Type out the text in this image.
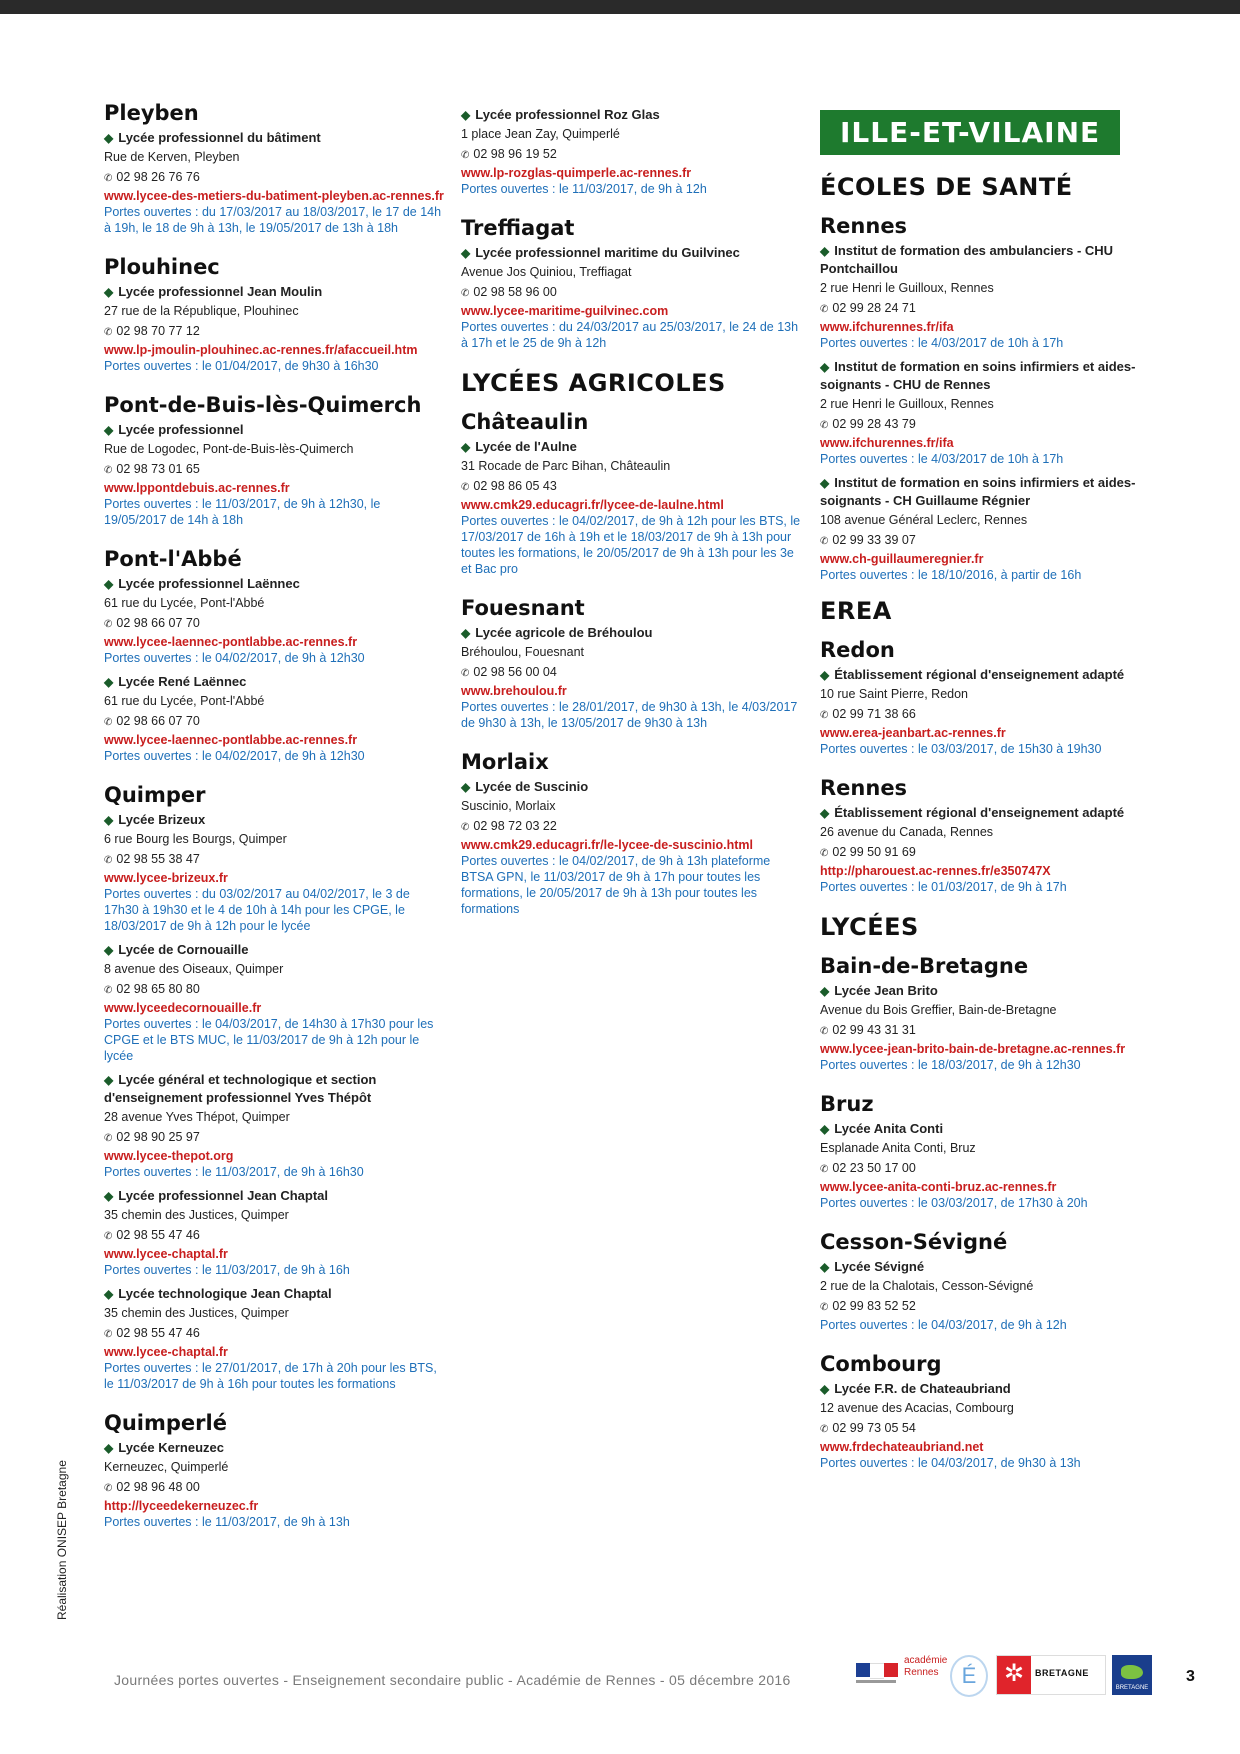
Pleyben
◆ Lycée professionnel du bâtiment
Rue de Kerven, Pleyben
✆ 02 98 26 76 76
www.lycee-des-metiers-du-batiment-pleyben.ac-rennes.fr
Portes ouvertes : du 17/03/2017 au 18/03/2017, le 17 de 14h à 19h, le 18 de 9h à 13h, le 19/05/2017 de 13h à 18h
Plouhinec
◆ Lycée professionnel Jean Moulin
27 rue de la République, Plouhinec
✆ 02 98 70 77 12
www.lp-jmoulin-plouhinec.ac-rennes.fr/afaccueil.htm
Portes ouvertes : le 01/04/2017, de 9h30 à 16h30
Pont-de-Buis-lès-Quimerch
◆ Lycée professionnel
Rue de Logodec, Pont-de-Buis-lès-Quimerch
✆ 02 98 73 01 65
www.lppontdebuis.ac-rennes.fr
Portes ouvertes : le 11/03/2017, de 9h à 12h30, le 19/05/2017 de 14h à 18h
Pont-l'Abbé
◆ Lycée professionnel Laënnec
61 rue du Lycée, Pont-l'Abbé
✆ 02 98 66 07 70
www.lycee-laennec-pontlabbe.ac-rennes.fr
Portes ouvertes : le 04/02/2017, de 9h à 12h30
◆ Lycée René Laënnec
61 rue du Lycée, Pont-l'Abbé
✆ 02 98 66 07 70
www.lycee-laennec-pontlabbe.ac-rennes.fr
Portes ouvertes : le 04/02/2017, de 9h à 12h30
Quimper
◆ Lycée Brizeux
6 rue Bourg les Bourgs, Quimper
✆ 02 98 55 38 47
www.lycee-brizeux.fr
Portes ouvertes : du 03/02/2017 au 04/02/2017, le 3 de 17h30 à 19h30 et le 4 de 10h à 14h pour les CPGE, le 18/03/2017 de 9h à 12h pour le lycée
◆ Lycée de Cornouaille
8 avenue des Oiseaux, Quimper
✆ 02 98 65 80 80
www.lyceedecornouaille.fr
Portes ouvertes : le 04/03/2017, de 14h30 à 17h30 pour les CPGE et le BTS MUC, le 11/03/2017 de 9h à 12h pour le lycée
◆ Lycée général et technologique et section d'enseignement professionnel Yves Thépôt
28 avenue Yves Thépot, Quimper
✆ 02 98 90 25 97
www.lycee-thepot.org
Portes ouvertes : le 11/03/2017, de 9h à 16h30
◆ Lycée professionnel Jean Chaptal
35 chemin des Justices, Quimper
✆ 02 98 55 47 46
www.lycee-chaptal.fr
Portes ouvertes : le 11/03/2017, de 9h à 16h
◆ Lycée technologique Jean Chaptal
35 chemin des Justices, Quimper
✆ 02 98 55 47 46
www.lycee-chaptal.fr
Portes ouvertes : le 27/01/2017, de 17h à 20h pour les BTS, le 11/03/2017 de 9h à 16h pour toutes les formations
Quimperlé
◆ Lycée Kerneuzec
Kerneuzec, Quimperlé
✆ 02 98 96 48 00
http://lyceedekerneuzec.fr
Portes ouvertes : le 11/03/2017, de 9h à 13h
◆ Lycée professionnel Roz Glas
1 place Jean Zay, Quimperlé
✆ 02 98 96 19 52
www.lp-rozglas-quimperle.ac-rennes.fr
Portes ouvertes : le 11/03/2017, de 9h à 12h
Treffiagat
◆ Lycée professionnel maritime du Guilvinec
Avenue Jos Quiniou, Treffiagat
✆ 02 98 58 96 00
www.lycee-maritime-guilvinec.com
Portes ouvertes : du 24/03/2017 au 25/03/2017, le 24 de 13h à 17h et le 25 de 9h à 12h
LYCÉES AGRICOLES
Châteaulin
◆ Lycée de l'Aulne
31 Rocade de Parc Bihan, Châteaulin
✆ 02 98 86 05 43
www.cmk29.educagri.fr/lycee-de-laulne.html
Portes ouvertes : le 04/02/2017, de 9h à 12h pour les BTS, le 17/03/2017 de 16h à 19h et le 18/03/2017 de 9h à 13h pour toutes les formations, le 20/05/2017 de 9h à 13h pour les 3e et Bac pro
Fouesnant
◆ Lycée agricole de Bréhoulou
Bréhoulou, Fouesnant
✆ 02 98 56 00 04
www.brehoulou.fr
Portes ouvertes : le 28/01/2017, de 9h30 à 13h, le 4/03/2017 de 9h30 à 13h, le 13/05/2017 de 9h30 à 13h
Morlaix
◆ Lycée de Suscinio
Suscinio, Morlaix
✆ 02 98 72 03 22
www.cmk29.educagri.fr/le-lycee-de-suscinio.html
Portes ouvertes : le 04/02/2017, de 9h à 13h plateforme BTSA GPN, le 11/03/2017 de 9h à 17h pour toutes les formations, le 20/05/2017 de 9h à 13h pour toutes les formations
ILLE-ET-VILAINE
ÉCOLES DE SANTÉ
Rennes
◆ Institut de formation des ambulanciers - CHU Pontchaillou
2 rue Henri le Guilloux, Rennes
✆ 02 99 28 24 71
www.ifchurennes.fr/ifa
Portes ouvertes : le 4/03/2017 de 10h à 17h
◆ Institut de formation en soins infirmiers et aides-soignants - CHU de Rennes
2 rue Henri le Guilloux, Rennes
✆ 02 99 28 43 79
www.ifchurennes.fr/ifa
Portes ouvertes : le 4/03/2017 de 10h à 17h
◆ Institut de formation en soins infirmiers et aides-soignants - CH Guillaume Régnier
108 avenue Général Leclerc, Rennes
✆ 02 99 33 39 07
www.ch-guillaumeregnier.fr
Portes ouvertes : le 18/10/2016, à partir de 16h
EREA
Redon
◆ Établissement régional d'enseignement adapté
10 rue Saint Pierre, Redon
✆ 02 99 71 38 66
www.erea-jeanbart.ac-rennes.fr
Portes ouvertes : le 03/03/2017, de 15h30 à 19h30
Rennes
◆ Établissement régional d'enseignement adapté
26 avenue du Canada, Rennes
✆ 02 99 50 91 69
http://pharouest.ac-rennes.fr/e350747X
Portes ouvertes : le 01/03/2017, de 9h à 17h
LYCÉES
Bain-de-Bretagne
◆ Lycée Jean Brito
Avenue du Bois Greffier, Bain-de-Bretagne
✆ 02 99 43 31 31
www.lycee-jean-brito-bain-de-bretagne.ac-rennes.fr
Portes ouvertes : le 18/03/2017, de 9h à 12h30
Bruz
◆ Lycée Anita Conti
Esplanade Anita Conti, Bruz
✆ 02 23 50 17 00
www.lycee-anita-conti-bruz.ac-rennes.fr
Portes ouvertes : le 03/03/2017, de 17h30 à 20h
Cesson-Sévigné
◆ Lycée Sévigné
2 rue de la Chalotais, Cesson-Sévigné
✆ 02 99 83 52 52
Portes ouvertes : le 04/03/2017, de 9h à 12h
Combourg
◆ Lycée F.R. de Chateaubriand
12 avenue des Acacias, Combourg
✆ 02 99 73 05 54
www.frdechateaubriand.net
Portes ouvertes : le 04/03/2017, de 9h30 à 13h
Réalisation ONISEP Bretagne
Journées portes ouvertes - Enseignement secondaire public - Académie de Rennes - 05 décembre 2016
académie Rennes	É	✲	BRETAGNE
BRETAGNE
3
